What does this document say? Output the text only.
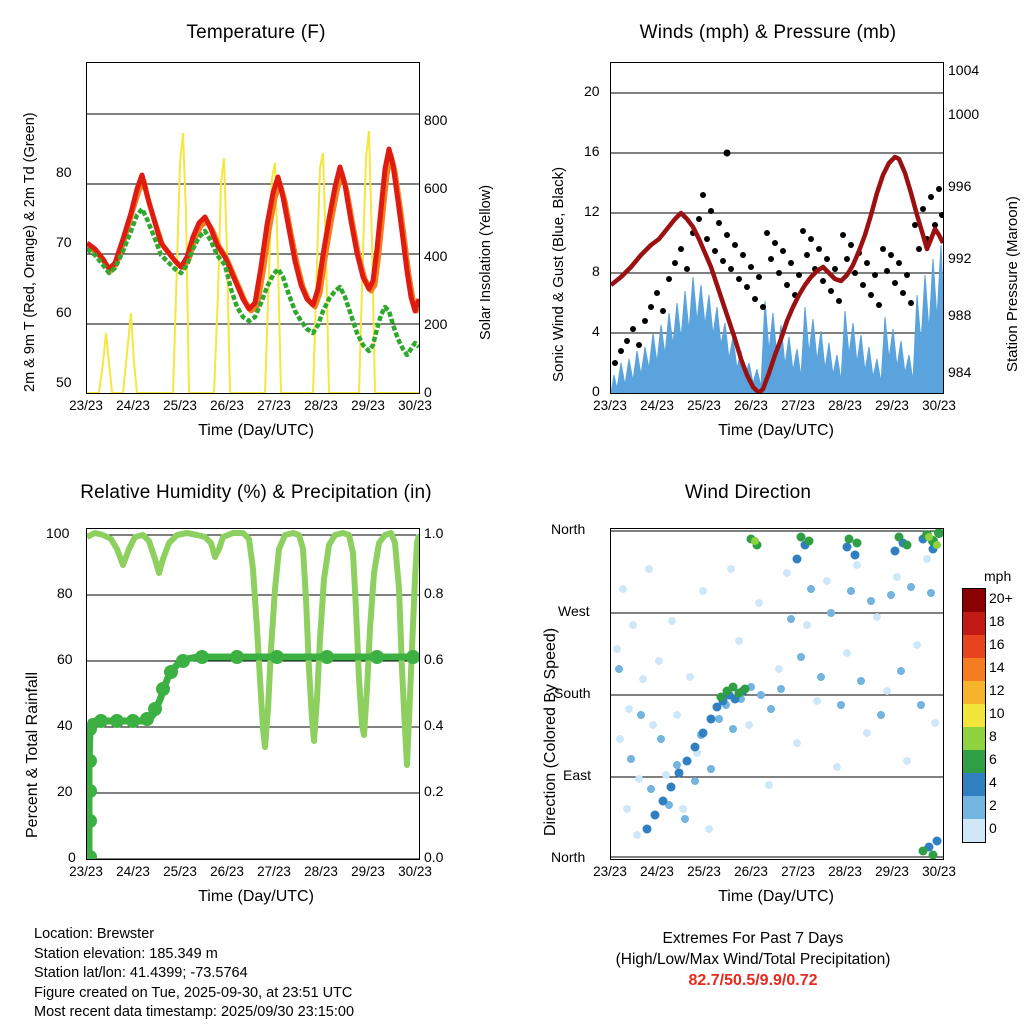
Temperature (F)
50
60
70
80
0
200
400
600
800
23/23 24/23 25/23 26/23 27/23 28/23 29/23 30/23
Time (Day/UTC)
2m & 9m T (Red, Orange) & 2m Td (Green)	Solar Insolation (Yellow)
Winds (mph) & Pressure (mb)
0
4
8
12
16
20
984
988
992
996
1000
1004
23/23 24/23 25/23 26/23 27/23 28/23 29/23 30/23
Time (Day/UTC)
Sonic Wind & Gust (Blue, Black)	Station Pressure (Maroon)
Relative Humidity (%) & Precipitation (in)
0
20
40
60
80
100
0.0
0.2
0.4
0.6
0.8
1.0
23/23 24/23 25/23 26/23 27/23 28/23 29/23 30/23
Time (Day/UTC)
Percent & Total Rainfall
Wind Direction
North
East
South
West
North
23/23 24/23 25/23 26/23 27/23 28/23 29/23 30/23
Time (Day/UTC)
Direction (Colored By Speed)
mph
20+
18
16
14
12
10
8
6
4
2
0
Location: Brewster
Station elevation: 185.349 m
Station lat/lon: 41.4399; -73.5764
Figure created on Tue, 2025-09-30, at 23:51 UTC
Most recent data timestamp: 2025/09/30 23:15:00
Extremes For Past 7 Days
(High/Low/Max Wind/Total Precipitation)
82.7/50.5/9.9/0.72
